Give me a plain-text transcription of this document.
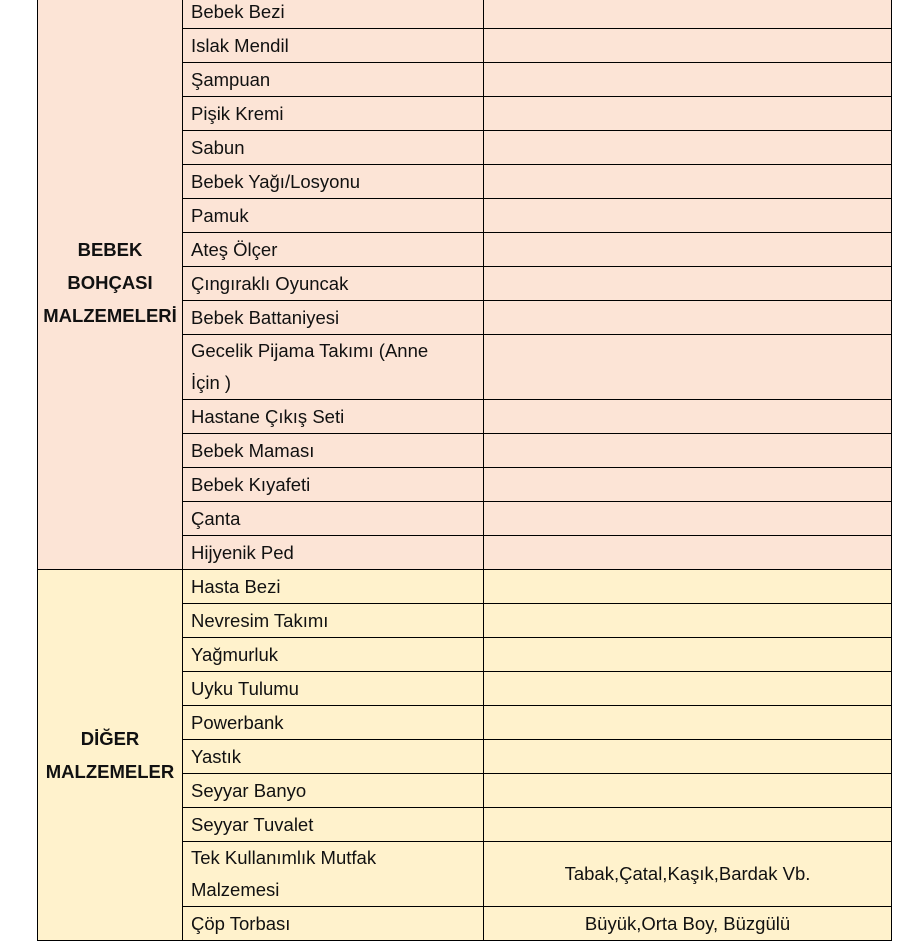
BEBEK
BOHÇASI
MALZEMELERİ	Bebek Bezi	
	Islak Mendil	
	Şampuan	
	Pişik Kremi	
	Sabun	
	Bebek Yağı/Losyonu	
	Pamuk	
	Ateş Ölçer	
	Çıngıraklı Oyuncak	
	Bebek Battaniyesi	
	Gecelik Pijama Takımı (Anne İçin )	
	Hastane Çıkış Seti	
	Bebek Maması	
	Bebek Kıyafeti	
	Çanta	
	Hijyenik Ped	

DİĞER
MALZEMELER	Hasta Bezi	
	Nevresim Takımı	
	Yağmurluk	
	Uyku Tulumu	
	Powerbank	
	Yastık	
	Seyyar Banyo	
	Seyyar Tuvalet	
	Tek Kullanımlık Mutfak Malzemesi	Tabak,Çatal,Kaşık,Bardak Vb.
	Çöp Torbası	Büyük,Orta Boy, Büzgülü
